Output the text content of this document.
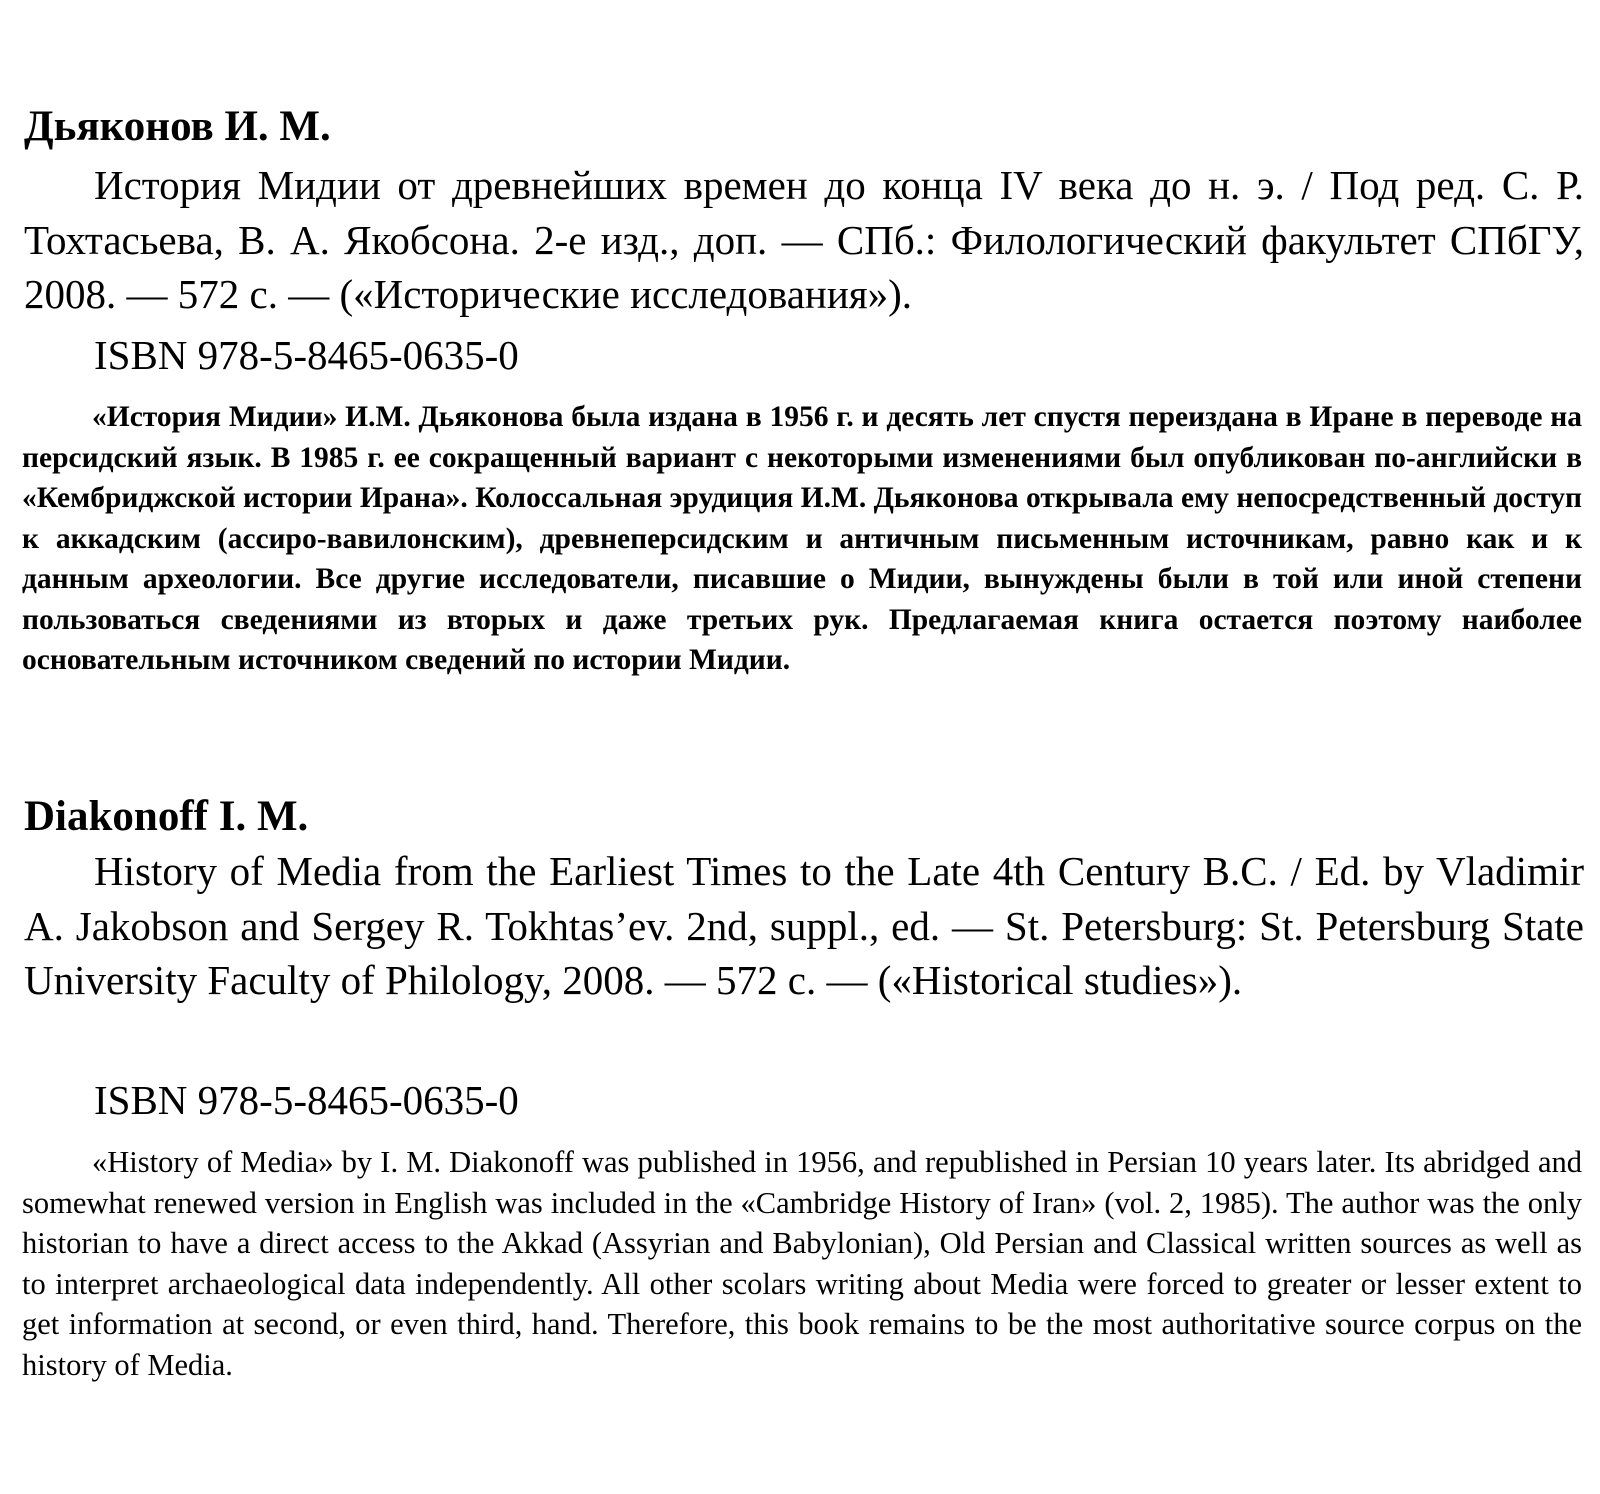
Дьяконов И. М.
История Мидии от древнейших времен до конца IV века до н. э. / Под ред. С. Р. Тохтасьева, В. А. Якобсона. 2-е изд., доп. — СПб.: Филологический факультет СПбГУ, 2008. — 572 с. — («Исторические исследования»).
ISBN 978-5-8465-0635-0
«История Мидии» И.М. Дьяконова была издана в 1956 г. и десять лет спустя переиздана в Иране в переводе на персидский язык. В 1985 г. ее сокращенный вариант с некоторыми изменениями был опубликован по-английски в «Кембриджской истории Ирана». Колоссальная эрудиция И.М. Дьяконова открывала ему непосредственный доступ к аккадским (ассиро-вавилонским), древнеперсидским и античным письменным источникам, равно как и к данным археологии. Все другие исследователи, писавшие о Мидии, вынуждены были в той или иной степени пользоваться сведениями из вторых и даже третьих рук. Предлагаемая книга остается поэтому наиболее основательным источником сведений по истории Мидии.
Diakonoff I. M.
History of Media from the Earliest Times to the Late 4th Century B.C. / Ed. by Vladimir A. Jakobson and Sergey R. Tokhtas’ev. 2nd, suppl., ed. — St. Petersburg: St. Petersburg State University Faculty of Philology, 2008. — 572 c. — («Historical studies»).
ISBN 978-5-8465-0635-0
«History of Media» by I. M. Diakonoff was published in 1956, and republished in Persian 10 years later. Its abridged and somewhat renewed version in English was included in the «Cambridge History of Iran» (vol. 2, 1985). The author was the only historian to have a direct access to the Akkad (Assyrian and Babylonian), Old Persian and Classical written sources as well as to interpret archaeological data independently. All other scolars writing about Media were forced to greater or lesser extent to get information at second, or even third, hand. Therefore, this book remains to be the most authoritative source corpus on the history of Media.
